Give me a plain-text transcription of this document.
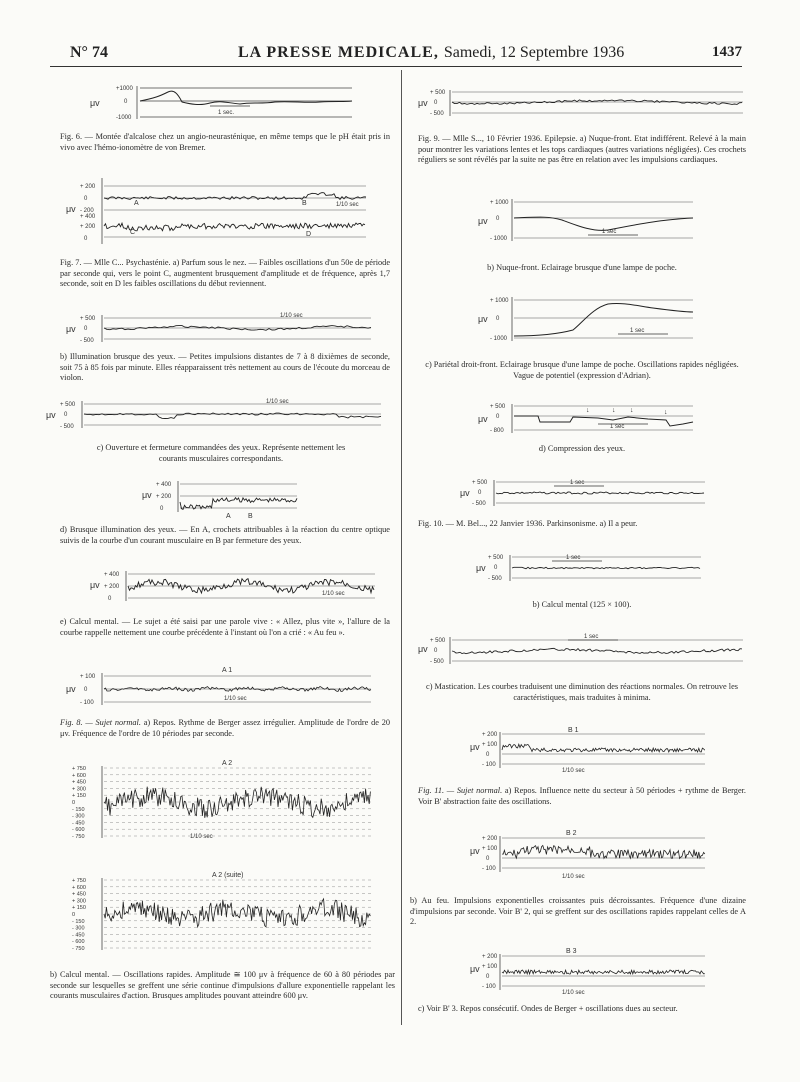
N° 74	LA PRESSE MEDICALE, Samedi, 12 Septembre 1936	1437
μv
+1000
0
-1000
1 sec.

Fig. 6. — Montée d'alcalose chez un angio-neurasténique, en même temps que le pH était pris in vivo avec l'hémo-ionomètre de von Bremer.

μv
+ 200
0
- 200
+ 400
+ 200
0
A	B
C	D
1/10 sec

Fig. 7. — Mlle C... Psychasténie. a) Parfum sous le nez. — Faibles oscillations d'un 50e de période par seconde qui, vers le point C, augmentent brusquement d'amplitude et de fréquence, après 1,7 seconde, soit en D les faibles oscillations du début reviennent.

μv
+ 500
0
- 500
1/10 sec

b) Illumination brusque des yeux. — Petites impulsions distantes de 7 à 8 dixièmes de seconde, soit 75 à 85 fois par minute. Elles réapparaissent très nettement au cours de l'écoute du morceau de violon.

μv
+ 500
0
- 500
1/10 sec

c) Ouverture et fermeture commandées des yeux. Représente nettement les courants musculaires correspondants.

μv
+ 400
+ 200
0
A B

d) Brusque illumination des yeux. — En A, crochets attribuables à la réaction du centre optique suivis de la courbe d'un courant musculaire en B par fermeture des yeux.

μv
+ 400
+ 200
0
1/10 sec

e) Calcul mental. — Le sujet a été saisi par une parole vive : « Allez, plus vite », l'allure de la courbe rappelle nettement une courbe précédente à l'instant où l'on a crié : « Au feu ».

A 1
μv
+ 100
0
- 100
1/10 sec

Fig. 8. — Sujet normal. a) Repos. Rythme de Berger assez irrégulier. Amplitude de l'ordre de 20 μv. Fréquence de l'ordre de 10 périodes par seconde.

A 2
+ 750
+ 600
+ 450
+ 300
+ 150
0
- 150
- 300
- 450
- 600
- 750	1/10 sec
A 2 (suite)
+ 750
+ 600
+ 450
+ 300
+ 150
0
- 150
- 300
- 450
- 600
- 750

b) Calcul mental. — Oscillations rapides. Amplitude ≅ 100 μv à fréquence de 60 à 80 périodes par seconde sur lesquelles se greffent une série continue d'impulsions d'allure exponentielle rappelant les courants musculaires d'action. Brusques amplitudes pouvant atteindre 600 μv.

μv
+ 500
0
- 500

Fig. 9. — Mlle S..., 10 Février 1936. Epilepsie. a) Nuque-front. Etat indifférent. Relevé à la main pour montrer les variations lentes et les tops cardiaques (autres variations négligées). Ces crochets réguliers se sont révélés par la suite ne pas être en relation avec les impulsions cardiaques.

μv
+ 1000
0
- 1000
1 sec

b) Nuque-front. Eclairage brusque d'une lampe de poche.

μv
+ 1000
0
- 1000
1 sec

c) Pariétal droit-front. Eclairage brusque d'une lampe de poche. Oscillations rapides négligées. Vague de potentiel (expression d'Adrian).

μv
+ 500
0
- 800
↓	↓ ↓	↓
1 sec

d) Compression des yeux.

μv
+ 500
0
- 500
1 sec

Fig. 10. — M. Bel..., 22 Janvier 1936. Parkinsonisme. a) Il a peur.

μv
+ 500
0
- 500
1 sec

b) Calcul mental (125 × 100).

μv
+ 500
0
- 500
1 sec

c) Mastication. Les courbes traduisent une diminution des réactions normales. On retrouve les caractéristiques, mais traduites à minima.

B 1
μv
+ 200
+ 100
0
- 100
1/10 sec

Fig. 11. — Sujet normal. a) Repos. Influence nette du secteur à 50 périodes + rythme de Berger. Voir B' abstraction faite des oscillations.

B 2
μv
+ 200
+ 100
0
- 100
1/10 sec

b) Au feu. Impulsions exponentielles croissantes puis décroissantes. Fréquence d'une dizaine d'impulsions par seconde. Voir B' 2, qui se greffent sur des oscillations rapides rappelant celles de A 2.

B 3
μv
+ 200
+ 100
0
- 100
1/10 sec

c) Voir B' 3. Repos consécutif. Ondes de Berger + oscillations dues au secteur.
